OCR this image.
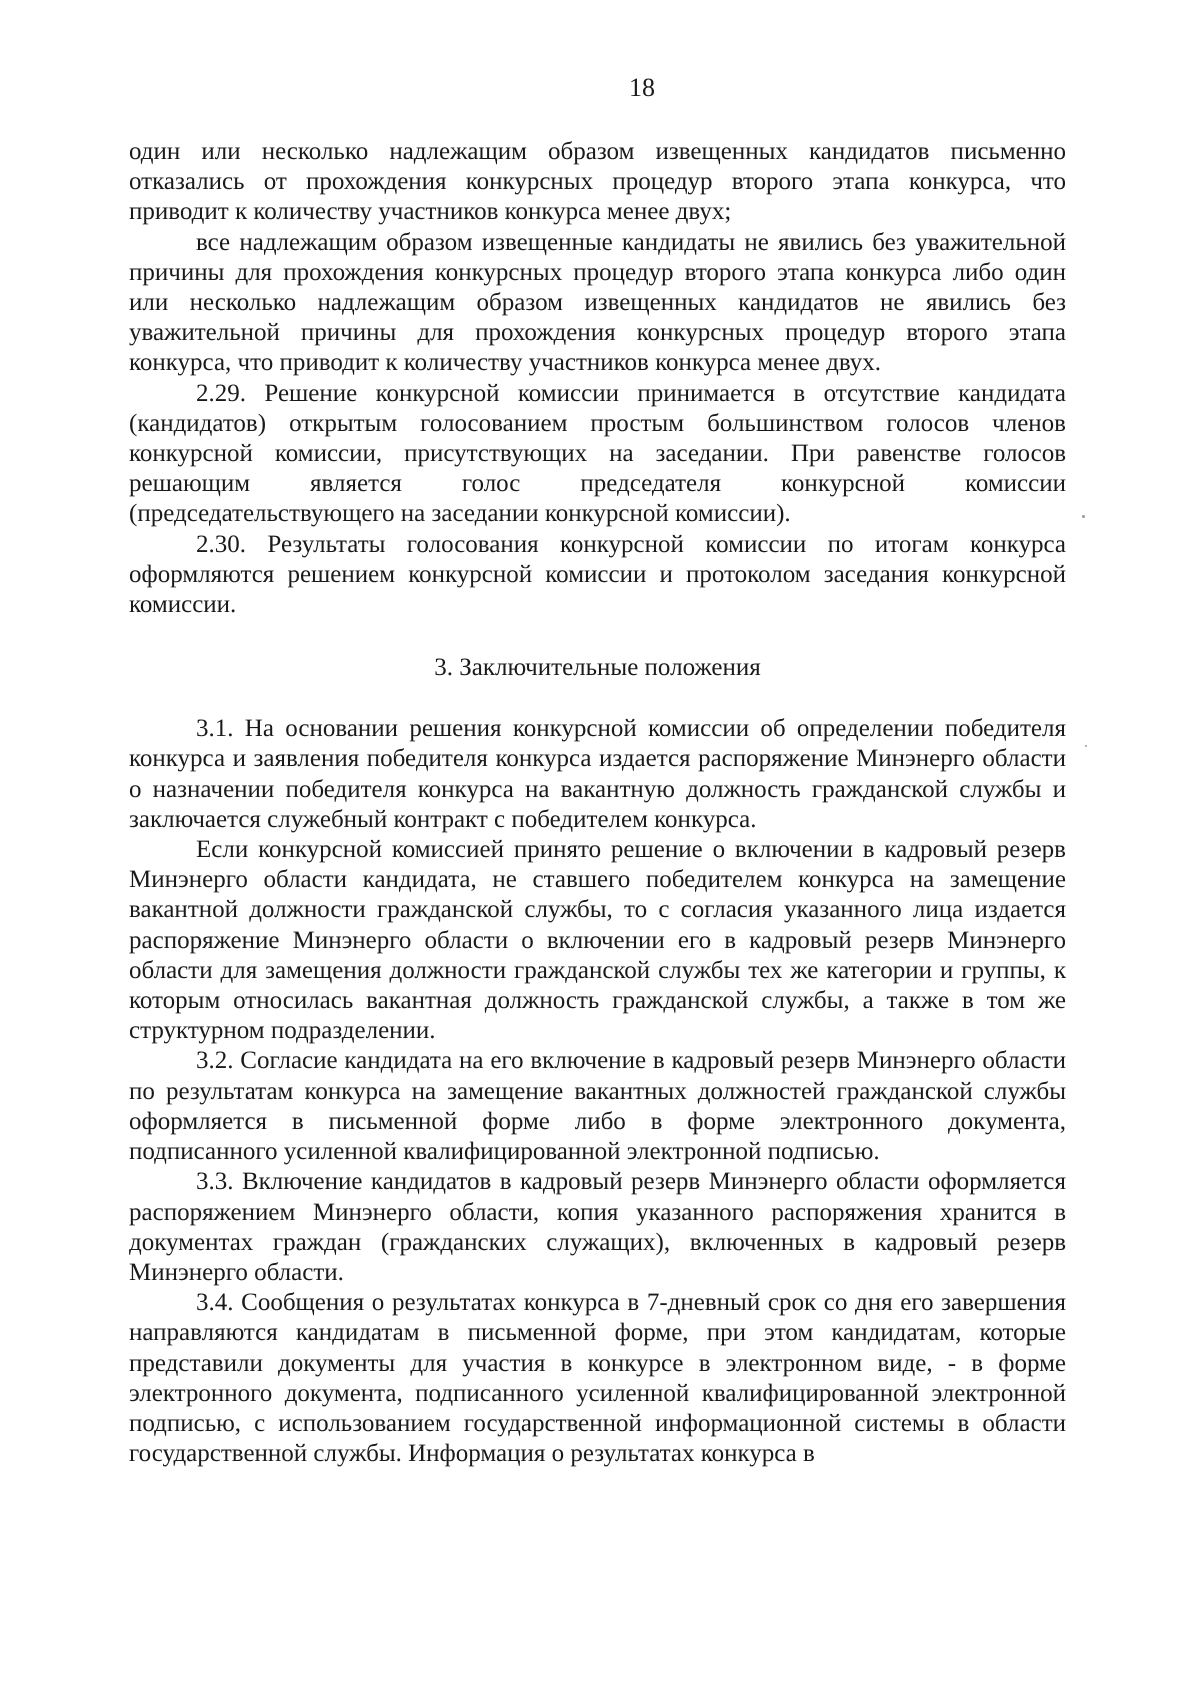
18

один или несколько надлежащим образом извещенных кандидатов письменно отказались от прохождения конкурсных процедур второго этапа конкурса, что приводит к количеству участников конкурса менее двух;

все надлежащим образом извещенные кандидаты не явились без уважительной причины для прохождения конкурсных процедур второго этапа конкурса либо один или несколько надлежащим образом извещенных кандидатов не явились без уважительной причины для прохождения конкурсных процедур второго этапа конкурса, что приводит к количеству участников конкурса менее двух.

2.29. Решение конкурсной комиссии принимается в отсутствие кандидата (кандидатов) открытым голосованием простым большинством голосов членов конкурсной комиссии, присутствующих на заседании. При равенстве голосов решающим является голос председателя конкурсной комиссии (председательствующего на заседании конкурсной комиссии).

2.30. Результаты голосования конкурсной комиссии по итогам конкурса оформляются решением конкурсной комиссии и протоколом заседания конкурсной комиссии.

3. Заключительные положения

3.1. На основании решения конкурсной комиссии об определении победителя конкурса и заявления победителя конкурса издается распоряжение Минэнерго области о назначении победителя конкурса на вакантную должность гражданской службы и заключается служебный контракт с победителем конкурса.

Если конкурсной комиссией принято решение о включении в кадровый резерв Минэнерго области кандидата, не ставшего победителем конкурса на замещение вакантной должности гражданской службы, то с согласия указанного лица издается распоряжение Минэнерго области о включении его в кадровый резерв Минэнерго области для замещения должности гражданской службы тех же категории и группы, к которым относилась вакантная должность гражданской службы, а также в том же структурном подразделении.

3.2. Согласие кандидата на его включение в кадровый резерв Минэнерго области по результатам конкурса на замещение вакантных должностей гражданской службы оформляется в письменной форме либо в форме электронного документа, подписанного усиленной квалифицированной электронной подписью.

3.3. Включение кандидатов в кадровый резерв Минэнерго области оформляется распоряжением Минэнерго области, копия указанного распоряжения хранится в документах граждан (гражданских служащих), включенных в кадровый резерв Минэнерго области.

3.4. Сообщения о результатах конкурса в 7-дневный срок со дня его завершения направляются кандидатам в письменной форме, при этом кандидатам, которые представили документы для участия в конкурсе в электронном виде, - в форме электронного документа, подписанного усиленной квалифицированной электронной подписью, с использованием государственной информационной системы в области государственной службы. Информация о результатах конкурса в
